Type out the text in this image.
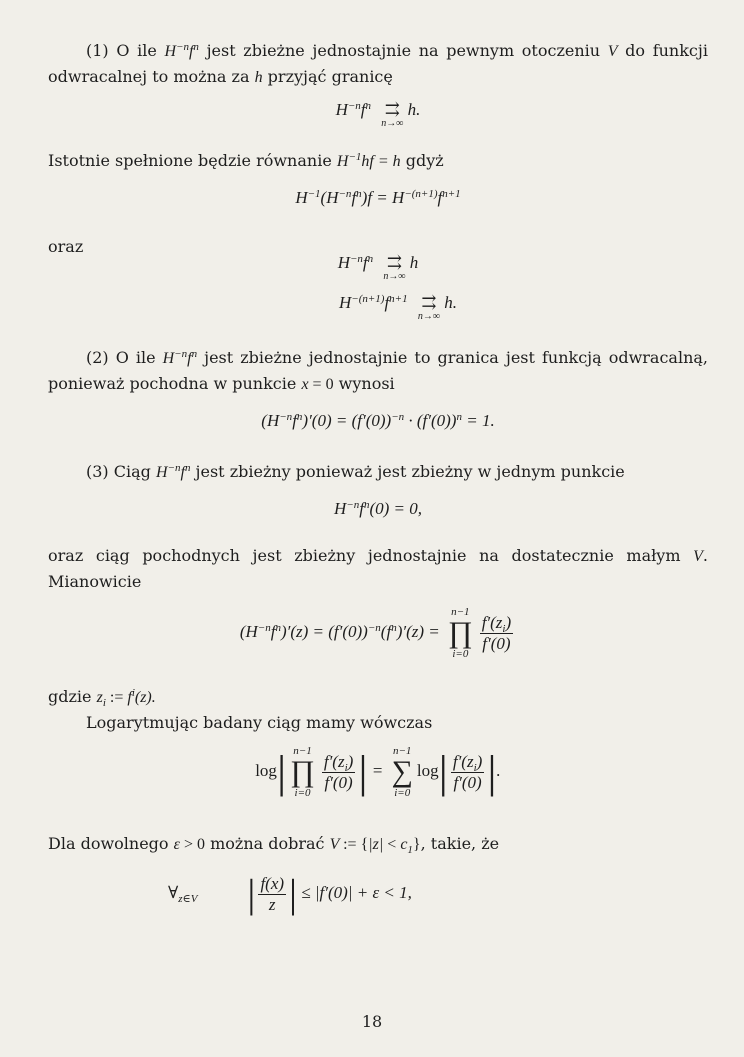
(1) O ile $H^{-n}f^n$ jest zbieżne jednostajnie na pewnym otoczeniu V do funkcji odwracalnej to można za h przyjąć granicę

$H^{-n}f^n$ ⇉
n→∞
h.

Istotnie spełnione będzie równanie $H^{-1}hf = h$ gdyż

$H^{-1}(H^{-n}f^n)f = H^{-(n+1)}f^{n+1}$

oraz

$H^{-n}f^n$ ⇉
n→∞
h
$H^{-(n+1)}f^{n+1}$ ⇉
n→∞
h.

(2) O ile $H^{-n}f^n$ jest zbieżne jednostajnie to granica jest funkcją odwracalną, ponieważ pochodna w punkcie x = 0 wynosi

$(H^{-n}f^n)'(0) = (f'(0))^{-n} \cdot (f'(0))^n = 1$.

(3) Ciąg $H^{-n}f^n$ jest zbieżny ponieważ jest zbieżny w jednym punkcie

$H^{-n}f^n(0) = 0$,

oraz ciąg pochodnych jest zbieżny jednostajnie na dostatecznie małym V. Mianowicie

$(H^{-n}f^n)'(z) = (f'(0))^{-n}(f^n)'(z)$ =
n−1
∏
i=0
$\frac{f'(z_i)}{f'(0)}$

gdzie $z_i$ := $f^i(z)$.

Logarytmując badany ciąg mamy wówczas

log| n−1
∏
i=0
$\frac{f'(z_i)}{f'(0)}$ | =
n−1
∑
i=0
$\log| \frac{f'(z_i)}{f'(0)}$ |.

Dla dowolnego ε > 0 można dobrać V := $\{|z| < c_1\}$, takie, że

$\forall_{z\in V}$ | $\frac{f(x)}{z}$ | ≤ |f′(0)| + ε < 1,
18
